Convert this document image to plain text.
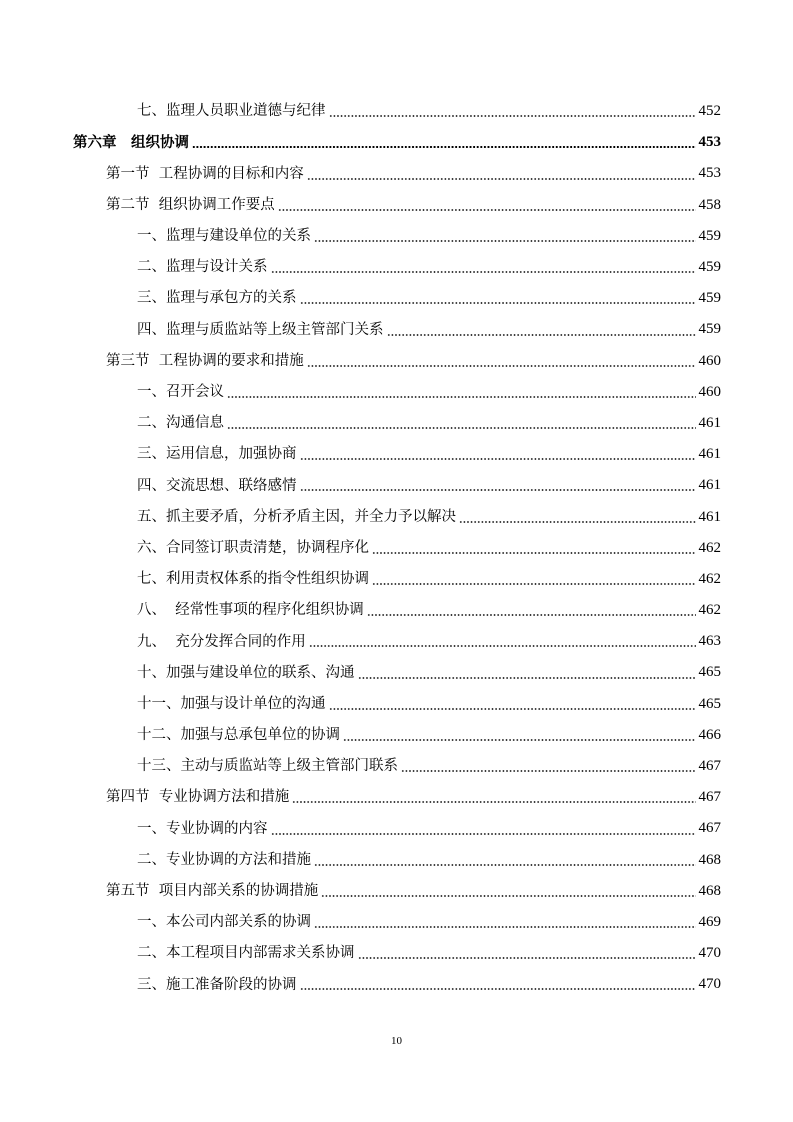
七、监理人员职业道德与纪律	452
第六章　组织协调	453
第一节  工程协调的目标和内容	453
第二节  组织协调工作要点	458
一、监理与建设单位的关系	459
二、监理与设计关系	459
三、监理与承包方的关系	459
四、监理与质监站等上级主管部门关系	459
第三节  工程协调的要求和措施	460
一、召开会议	460
二、沟通信息	461
三、运用信息，加强协商	461
四、交流思想、联络感情	461
五、抓主要矛盾，分析矛盾主因，并全力予以解决	461
六、合同签订职责清楚，协调程序化	462
七、利用责权体系的指令性组织协调	462
八、  经常性事项的程序化组织协调	462
九、  充分发挥合同的作用	463
十、加强与建设单位的联系、沟通	465
十一、加强与设计单位的沟通	465
十二、加强与总承包单位的协调	466
十三、主动与质监站等上级主管部门联系	467
第四节  专业协调方法和措施	467
一、专业协调的内容	467
二、专业协调的方法和措施	468
第五节  项目内部关系的协调措施	468
一、本公司内部关系的协调	469
二、本工程项目内部需求关系协调	470
三、施工准备阶段的协调	470
10
